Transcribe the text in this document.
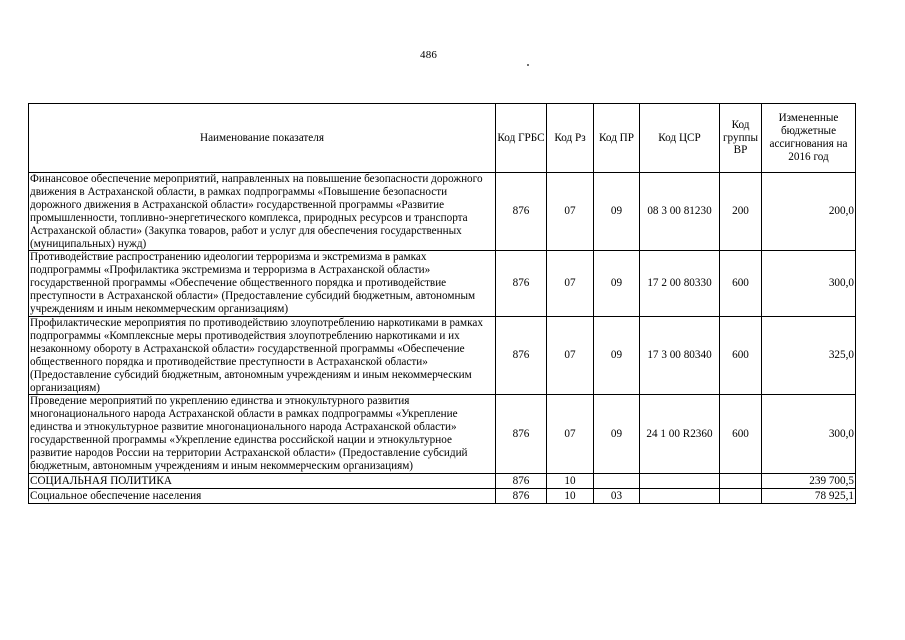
486
Наименование показателя	Код ГРБС	Код Рз	Код ПР	Код ЦСР	Код группы ВР	Измененные бюджетные ассигнования на 2016 год
Финансовое обеспечение мероприятий, направленных на повышение безопасности дорожного движения в Астраханской области, в рамках подпрограммы «Повышение безопасности дорожного движения в Астраханской области» государственной программы «Развитие промышленности, топливно-энергетического комплекса, природных ресурсов и транспорта Астраханской области» (Закупка товаров, работ и услуг для обеспечения государственных (муниципальных) нужд)	876	07	09	08 3 00 81230	200	200,0
Противодействие распространению идеологии терроризма и экстремизма в рамках подпрограммы «Профилактика экстремизма и терроризма в Астраханской области» государственной программы «Обеспечение общественного порядка и противодействие преступности в Астраханской области» (Предоставление субсидий бюджетным, автономным учреждениям и иным некоммерческим организациям)	876	07	09	17 2 00 80330	600	300,0
Профилактические мероприятия по противодействию злоупотреблению наркотиками в рамках подпрограммы «Комплексные меры противодействия злоупотреблению наркотиками и их незаконному обороту в Астраханской области» государственной программы «Обеспечение общественного порядка и противодействие преступности в Астраханской области» (Предоставление субсидий бюджетным, автономным учреждениям и иным некоммерческим организациям)	876	07	09	17 3 00 80340	600	325,0
Проведение мероприятий по укреплению единства и этнокультурного развития многонационального народа Астраханской области в рамках подпрограммы «Укрепление единства и этнокультурное развитие многонационального народа Астраханской области» государственной программы «Укрепление единства российской нации и этнокультурное развитие народов России на территории Астраханской области» (Предоставление субсидий бюджетным, автономным учреждениям и иным некоммерческим организациям)	876	07	09	24 1 00 R2360	600	300,0
СОЦИАЛЬНАЯ ПОЛИТИКА	876	10				239 700,5
Социальное обеспечение населения	876	10	03			78 925,1
